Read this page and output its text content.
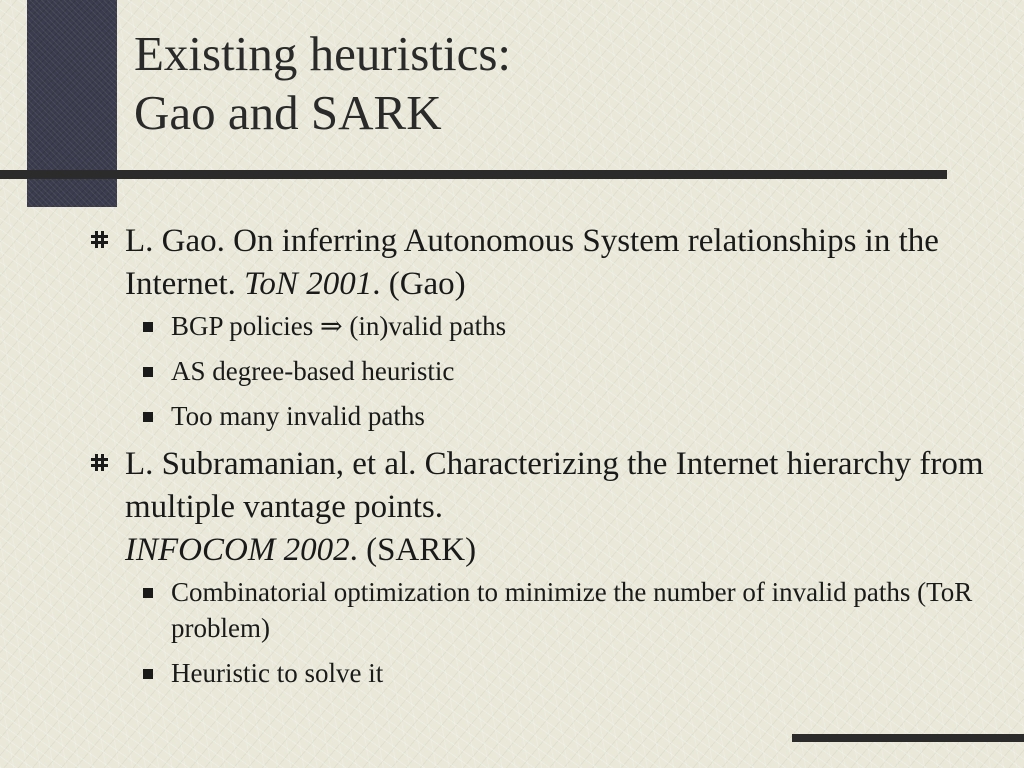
Existing heuristics:
Gao and SARK
L. Gao. On inferring Autonomous System relationships in the Internet. ToN 2001. (Gao)
BGP policies ⇒ (in)valid paths
AS degree-based heuristic
Too many invalid paths
L. Subramanian, et al. Characterizing the Internet hierarchy from multiple vantage points.
INFOCOM 2002. (SARK)
Combinatorial optimization to minimize the number of invalid paths (ToR problem)
Heuristic to solve it
